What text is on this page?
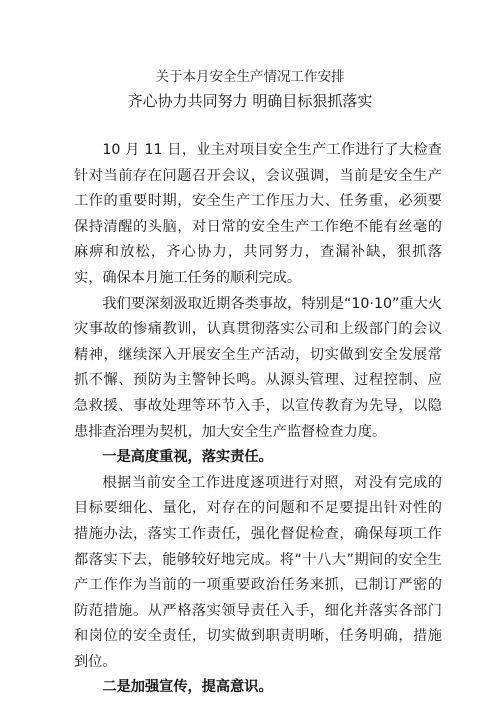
关于本月安全生产情况工作安排
齐心协力共同努力 明确目标狠抓落实

10 月 11 日，业主对项目安全生产工作进行了大检查针对当前存在问题召开会议，会议强调，当前是安全生产工作的重要时期，安全生产工作压力大、任务重，必须要保持清醒的头脑，对日常的安全生产工作绝不能有丝毫的麻痹和放松，齐心协力，共同努力，查漏补缺，狠抓落实，确保本月施工任务的顺利完成。

我们要深刻汲取近期各类事故，特别是“10·10”重大火灾事故的惨痛教训，认真贯彻落实公司和上级部门的会议精神，继续深入开展安全生产活动，切实做到安全发展常抓不懈、预防为主警钟长鸣。从源头管理、过程控制、应急救援、事故处理等环节入手，以宣传教育为先导，以隐患排查治理为契机，加大安全生产监督检查力度。

一是高度重视，落实责任。

根据当前安全工作进度逐项进行对照，对没有完成的目标要细化、量化，对存在的问题和不足要提出针对性的措施办法，落实工作责任，强化督促检查，确保每项工作都落实下去，能够较好地完成。将“十八大”期间的安全生产工作作为当前的一项重要政治任务来抓，已制订严密的防范措施。从严格落实领导责任入手，细化并落实各部门和岗位的安全责任，切实做到职责明晰，任务明确，措施到位。

二是加强宣传，提高意识。
